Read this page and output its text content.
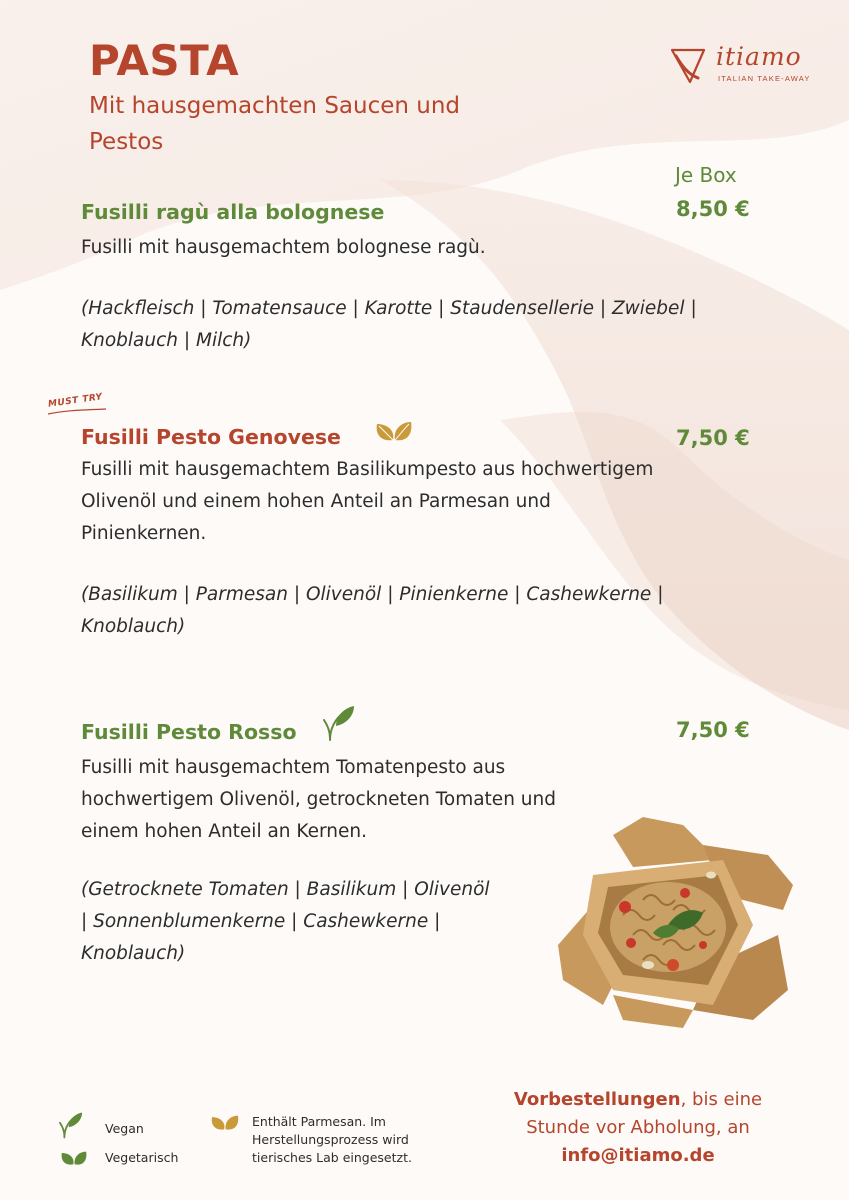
PASTA
Mit hausgemachten Saucen und Pestos
itiamo
ITALIAN TAKE-AWAY
Je Box
Fusilli ragù alla bolognese	8,50 €
Fusilli mit hausgemachtem bolognese ragù.
(Hackfleisch | Tomatensauce | Karotte | Staudensellerie | Zwiebel | Knoblauch | Milch)
MUST TRY
Fusilli Pesto Genovese	7,50 €
Fusilli mit hausgemachtem Basilikumpesto aus hochwertigem Olivenöl und einem hohen Anteil an Parmesan und Pinienkernen.
(Basilikum | Parmesan | Olivenöl | Pinienkerne | Cashewkerne | Knoblauch)
Fusilli Pesto Rosso	7,50 €
Fusilli mit hausgemachtem Tomatenpesto aus hochwertigem Olivenöl, getrockneten Tomaten und einem hohen Anteil an Kernen.
(Getrocknete Tomaten | Basilikum | Olivenöl | Sonnenblumenkerne | Cashewkerne | Knoblauch)
Vegan
Vegetarisch
Enthält Parmesan. Im Herstellungsprozess wird tierisches Lab eingesetzt.
Vorbestellungen, bis eine Stunde vor Abholung, an
info@itiamo.de
